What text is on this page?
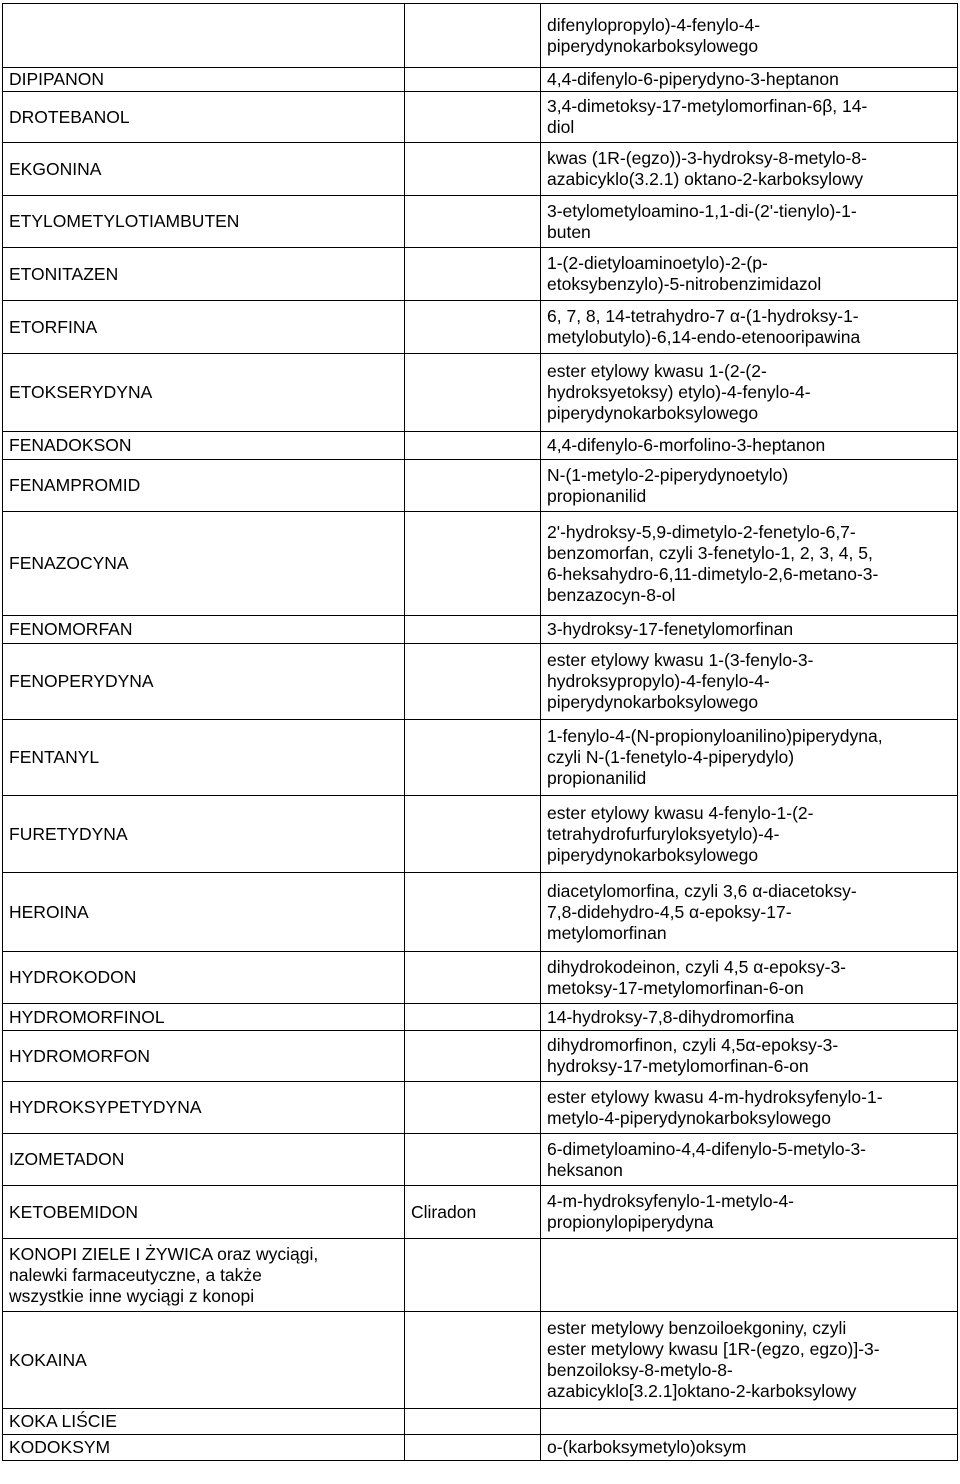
		difenylopropylo)-4-fenylo-4-
piperydynokarboksylowego
DIPIPANON		4,4-difenylo-6-piperydyno-3-heptanon
DROTEBANOL		3,4-dimetoksy-17-metylomorfinan-6β, 14-
diol
EKGONINA		kwas (1R-(egzo))-3-hydroksy-8-metylo-8-
azabicyklo(3.2.1) oktano-2-karboksylowy
ETYLOMETYLOTIAMBUTEN		3-etylometyloamino-1,1-di-(2'-tienylo)-1-
buten
ETONITAZEN		1-(2-dietyloaminoetylo)-2-(p-
etoksybenzylo)-5-nitrobenzimidazol
ETORFINA		6, 7, 8, 14-tetrahydro-7 α-(1-hydroksy-1-
metylobutylo)-6,14-endo-etenooripawina
ETOKSERYDYNA		ester etylowy kwasu 1-(2-(2-
hydroksyetoksy) etylo)-4-fenylo-4-
piperydynokarboksylowego
FENADOKSON		4,4-difenylo-6-morfolino-3-heptanon
FENAMPROMID		N-(1-metylo-2-piperydynoetylo)
propionanilid
FENAZOCYNA		2'-hydroksy-5,9-dimetylo-2-fenetylo-6,7-
benzomorfan, czyli 3-fenetylo-1, 2, 3, 4, 5,
6-heksahydro-6,11-dimetylo-2,6-metano-3-
benzazocyn-8-ol
FENOMORFAN		3-hydroksy-17-fenetylomorfinan
FENOPERYDYNA		ester etylowy kwasu 1-(3-fenylo-3-
hydroksypropylo)-4-fenylo-4-
piperydynokarboksylowego
FENTANYL		1-fenylo-4-(N-propionyloanilino)piperydyna,
czyli N-(1-fenetylo-4-piperydylo)
propionanilid
FURETYDYNA		ester etylowy kwasu 4-fenylo-1-(2-
tetrahydrofurfuryloksyetylo)-4-
piperydynokarboksylowego
HEROINA		diacetylomorfina, czyli 3,6 α-diacetoksy-
7,8-didehydro-4,5 α-epoksy-17-
metylomorfinan
HYDROKODON		dihydrokodeinon, czyli 4,5 α-epoksy-3-
metoksy-17-metylomorfinan-6-on
HYDROMORFINOL		14-hydroksy-7,8-dihydromorfina
HYDROMORFON		dihydromorfinon, czyli 4,5α-epoksy-3-
hydroksy-17-metylomorfinan-6-on
HYDROKSYPETYDYNA		ester etylowy kwasu 4-m-hydroksyfenylo-1-
metylo-4-piperydynokarboksylowego
IZOMETADON		6-dimetyloamino-4,4-difenylo-5-metylo-3-
heksanon
KETOBEMIDON	Cliradon	4-m-hydroksyfenylo-1-metylo-4-
propionylopiperydyna
KONOPI ZIELE I ŻYWICA oraz wyciągi,
nalewki farmaceutyczne, a także
wszystkie inne wyciągi z konopi		
KOKAINA		ester metylowy benzoiloekgoniny, czyli
ester metylowy kwasu [1R-(egzo, egzo)]-3-
benzoiloksy-8-metylo-8-
azabicyklo[3.2.1]oktano-2-karboksylowy
KOKA LIŚCIE		
KODOKSYM		o-(karboksymetylo)oksym
